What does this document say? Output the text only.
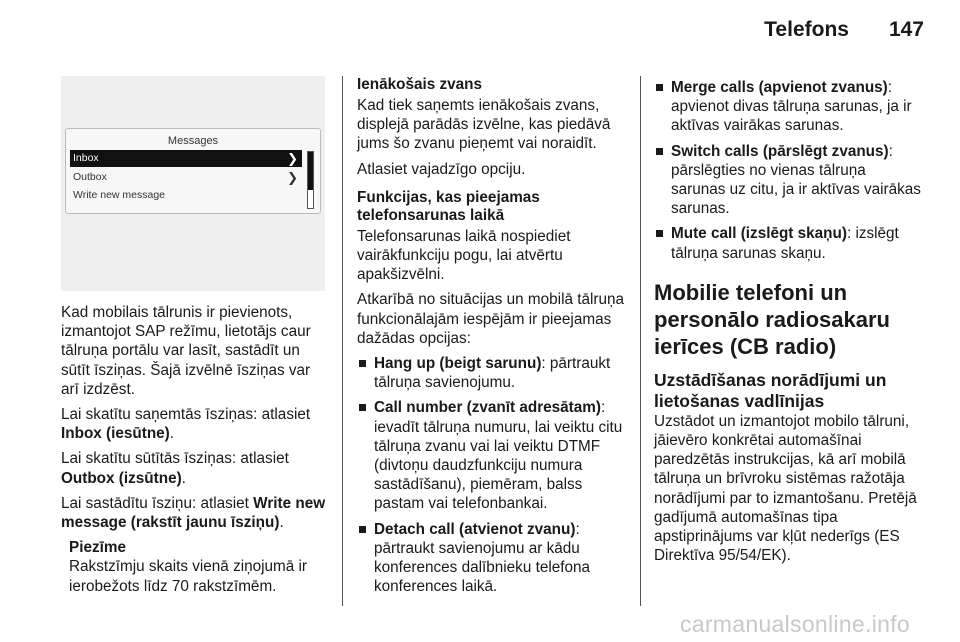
Telefons 147
Messages
Inbox	❯
Outbox	❯
Write new message

Kad mobilais tālrunis ir pievienots, izmantojot SAP režīmu, lietotājs caur tālruņa portālu var lasīt, sastādīt un sūtīt īsziņas. Šajā izvēlnē īsziņas var arī izdzēst.

Lai skatītu saņemtās īsziņas: atlasiet Inbox (iesūtne).

Lai skatītu sūtītās īsziņas: atlasiet Outbox (izsūtne).

Lai sastādītu īsziņu: atlasiet Write new message (rakstīt jaunu īsziņu).

Piezīme
Rakstzīmju skaits vienā ziņojumā ir ierobežots līdz 70 rakstzīmēm.
Ienākošais zvans

Kad tiek saņemts ienākošais zvans, displejā parādās izvēlne, kas piedāvā jums šo zvanu pieņemt vai noraidīt.

Atlasiet vajadzīgo opciju.

Funkcijas, kas pieejamas telefonsarunas laikā

Telefonsarunas laikā nospiediet vairākfunkciju pogu, lai atvērtu apakšizvēlni.

Atkarībā no situācijas un mobilā tālruņa funkcionālajām iespējām ir pieejamas dažādas opcijas:

Hang up (beigt sarunu): pārtraukt tālruņa savienojumu.
Call number (zvanīt adresātam): ievadīt tālruņa numuru, lai veiktu citu tālruņa zvanu vai lai veiktu DTMF (divtoņu daudzfunkciju numura sastādīšanu), piemēram, balss pastam vai telefonbankai.
Detach call (atvienot zvanu): pārtraukt savienojumu ar kādu konferences dalībnieku telefona konferences laikā.
Merge calls (apvienot zvanus): apvienot divas tālruņa sarunas, ja ir aktīvas vairākas sarunas.
Switch calls (pārslēgt zvanus): pārslēgties no vienas tālruņa sarunas uz citu, ja ir aktīvas vairākas sarunas.
Mute call (izslēgt skaņu): izslēgt tālruņa sarunas skaņu.
Mobilie telefoni un personālo radiosakaru ierīces (CB radio)
Uzstādīšanas norādījumi un lietošanas vadlīnijas

Uzstādot un izmantojot mobilo tālruni, jāievēro konkrētai automašīnai paredzētās instrukcijas, kā arī mobilā tālruņa un brīvroku sistēmas ražotāja norādījumi par to izmantošanu. Pretējā gadījumā automašīnas tipa apstiprinājums var kļūt nederīgs (ES Direktīva 95/54/EK).

carmanualsonline.info
